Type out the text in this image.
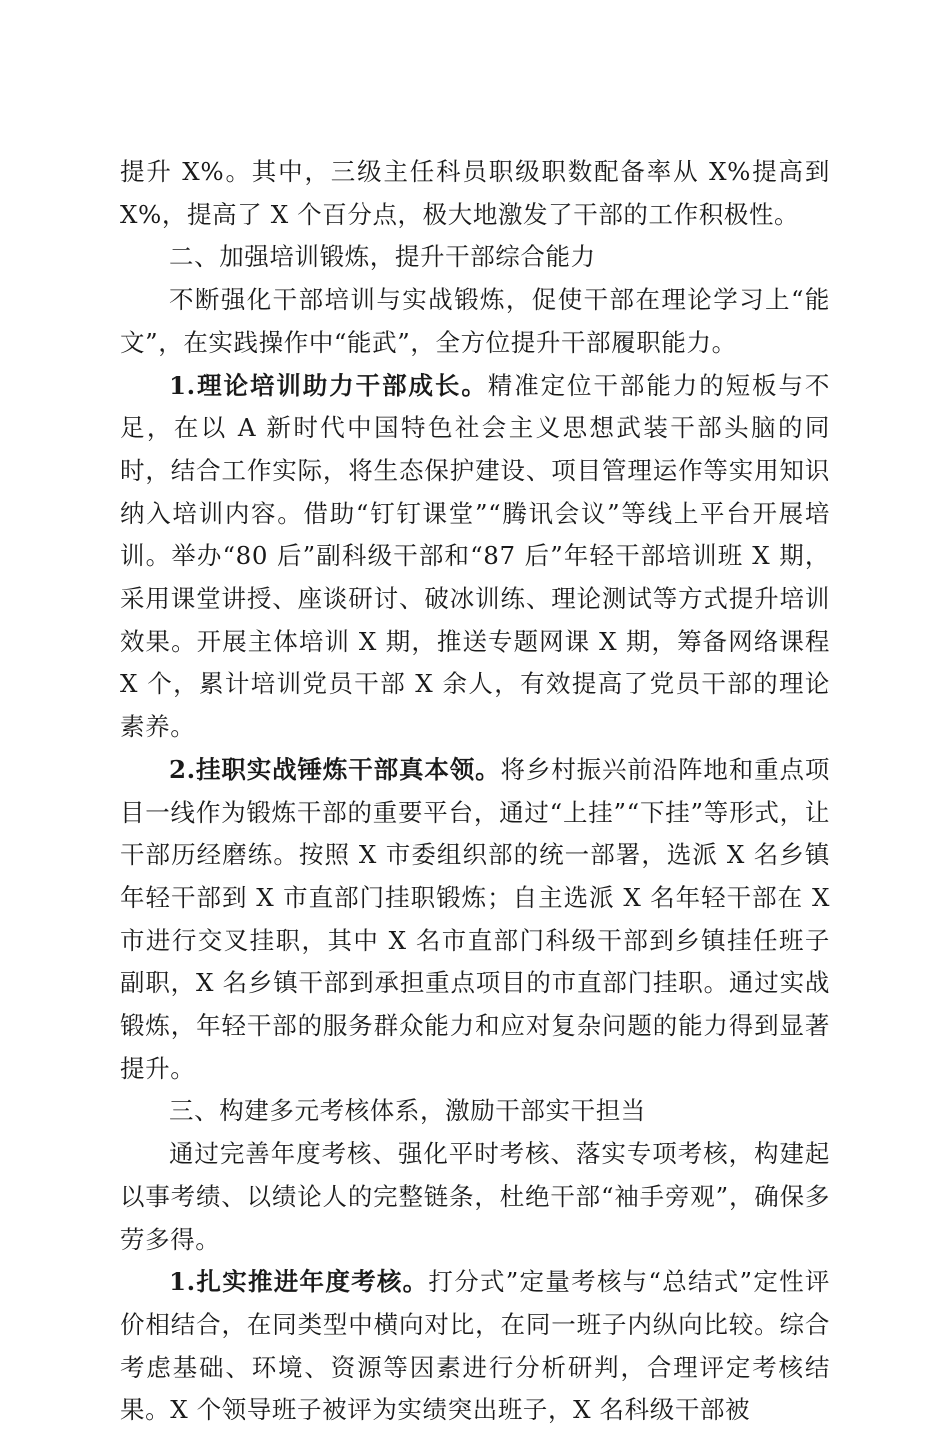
提升 X%。其中，三级主任科员职级职数配备率从 X%提高到 X%，提高了 X 个百分点，极大地激发了干部的工作积极性。

二、加强培训锻炼，提升干部综合能力

不断强化干部培训与实战锻炼，促使干部在理论学习上“能文”，在实践操作中“能武”，全方位提升干部履职能力。

1.理论培训助力干部成长。精准定位干部能力的短板与不足，在以 A 新时代中国特色社会主义思想武装干部头脑的同时，结合工作实际，将生态保护建设、项目管理运作等实用知识纳入培训内容。借助“钉钉课堂”“腾讯会议”等线上平台开展培训。举办“80 后”副科级干部和“87 后”年轻干部培训班 X 期，采用课堂讲授、座谈研讨、破冰训练、理论测试等方式提升培训效果。开展主体培训 X 期，推送专题网课 X 期，筹备网络课程 X 个，累计培训党员干部 X 余人，有效提高了党员干部的理论素养。

2.挂职实战锤炼干部真本领。将乡村振兴前沿阵地和重点项目一线作为锻炼干部的重要平台，通过“上挂”“下挂”等形式，让干部历经磨练。按照 X 市委组织部的统一部署，选派 X 名乡镇年轻干部到 X 市直部门挂职锻炼；自主选派 X 名年轻干部在 X 市进行交叉挂职，其中 X 名市直部门科级干部到乡镇挂任班子副职，X 名乡镇干部到承担重点项目的市直部门挂职。通过实战锻炼，年轻干部的服务群众能力和应对复杂问题的能力得到显著提升。

三、构建多元考核体系，激励干部实干担当

通过完善年度考核、强化平时考核、落实专项考核，构建起以事考绩、以绩论人的完整链条，杜绝干部“袖手旁观”，确保多劳多得。

1.扎实推进年度考核。打分式”定量考核与“总结式”定性评价相结合，在同类型中横向对比，在同一班子内纵向比较。综合考虑基础、环境、资源等因素进行分析研判，合理评定考核结果。X 个领导班子被评为实绩突出班子，X 名科级干部被
